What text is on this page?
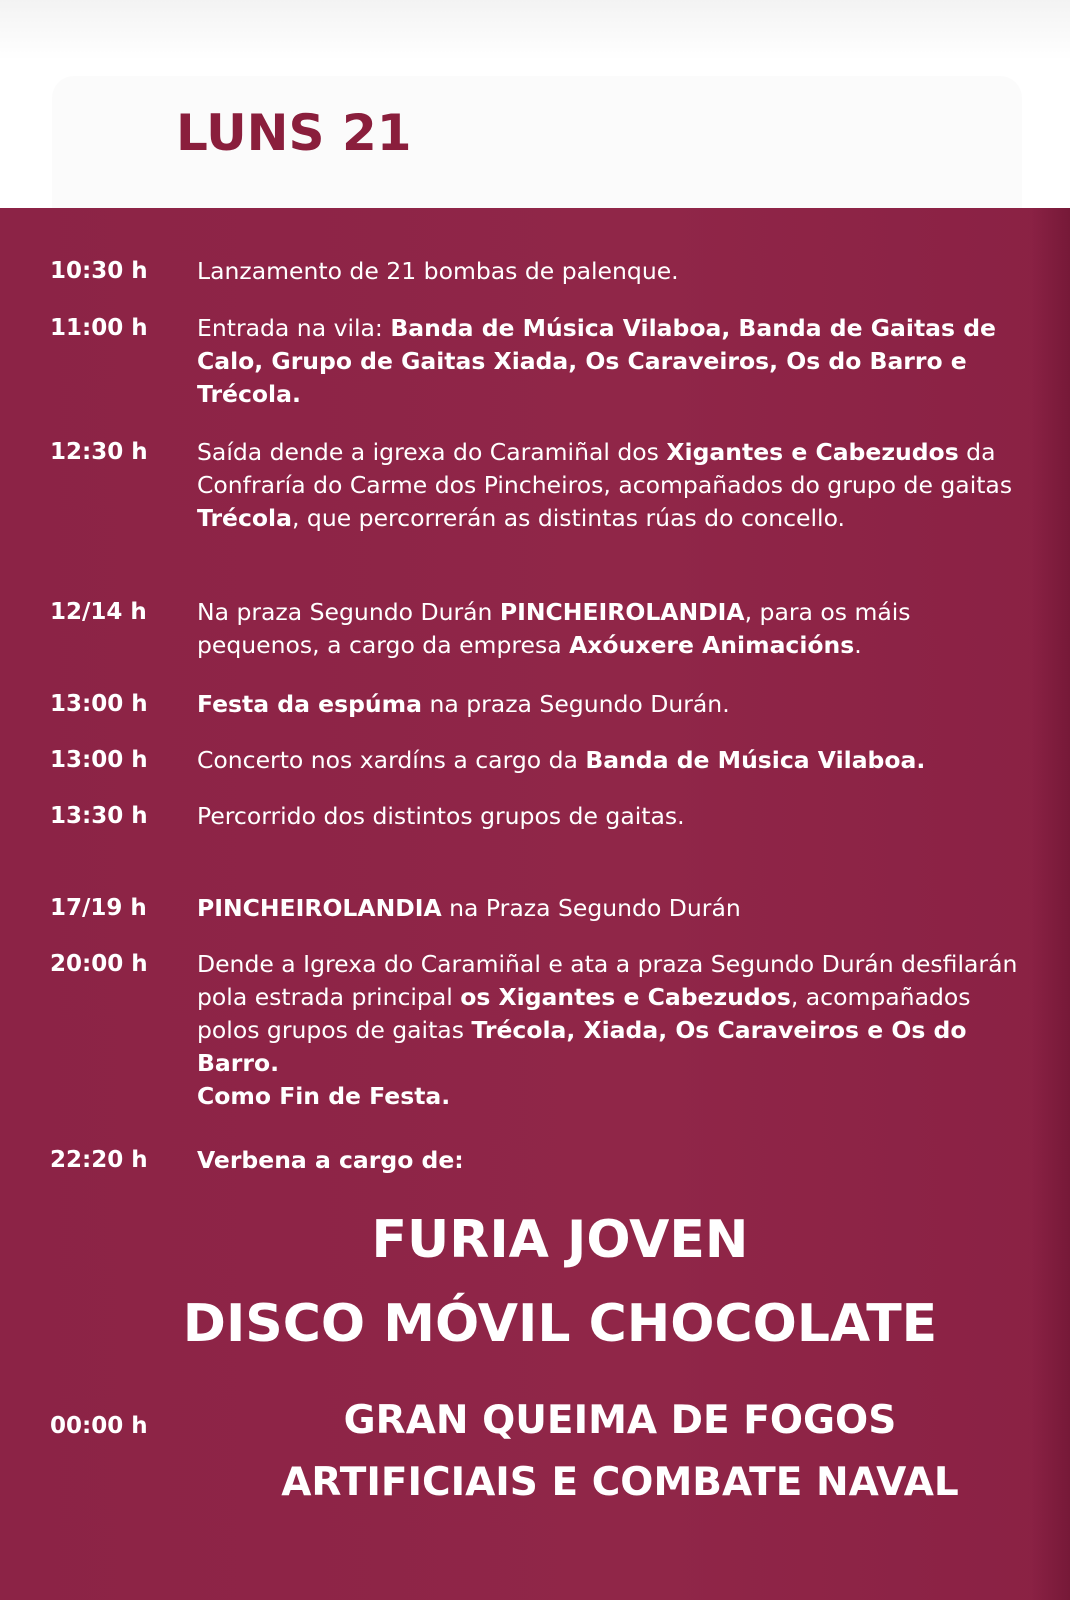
LUNS 21
10:30 h Lanzamento de 21 bombas de palenque.
11:00 h Entrada na vila: Banda de Música Vilaboa, Banda de Gaitas de Calo, Grupo de Gaitas Xiada, Os Caraveiros, Os do Barro e Trécola.
12:30 h Saída dende a igrexa do Caramiñal dos Xigantes e Cabezudos da Confraría do Carme dos Pincheiros, acompañados do grupo de gaitas Trécola, que percorrerán as distintas rúas do concello.
12/14 h Na praza Segundo Durán PINCHEIROLANDIA, para os máis pequenos, a cargo da empresa Axóuxere Animacións.
13:00 h Festa da espúma na praza Segundo Durán.
13:00 h Concerto nos xardíns a cargo da Banda de Música Vilaboa.
13:30 h Percorrido dos distintos grupos de gaitas.
17/19 h PINCHEIROLANDIA na Praza Segundo Durán
20:00 h Dende a Igrexa do Caramiñal e ata a praza Segundo Durán desfilarán pola estrada principal os Xigantes e Cabezudos, acompañados polos grupos de gaitas Trécola, Xiada, Os Caraveiros e Os do Barro.
Como Fin de Festa.
22:20 h Verbena a cargo de:
FURIA JOVEN
DISCO MÓVIL CHOCOLATE
00:00 h	GRAN QUEIMA DE FOGOS
ARTIFICIAIS E COMBATE NAVAL
